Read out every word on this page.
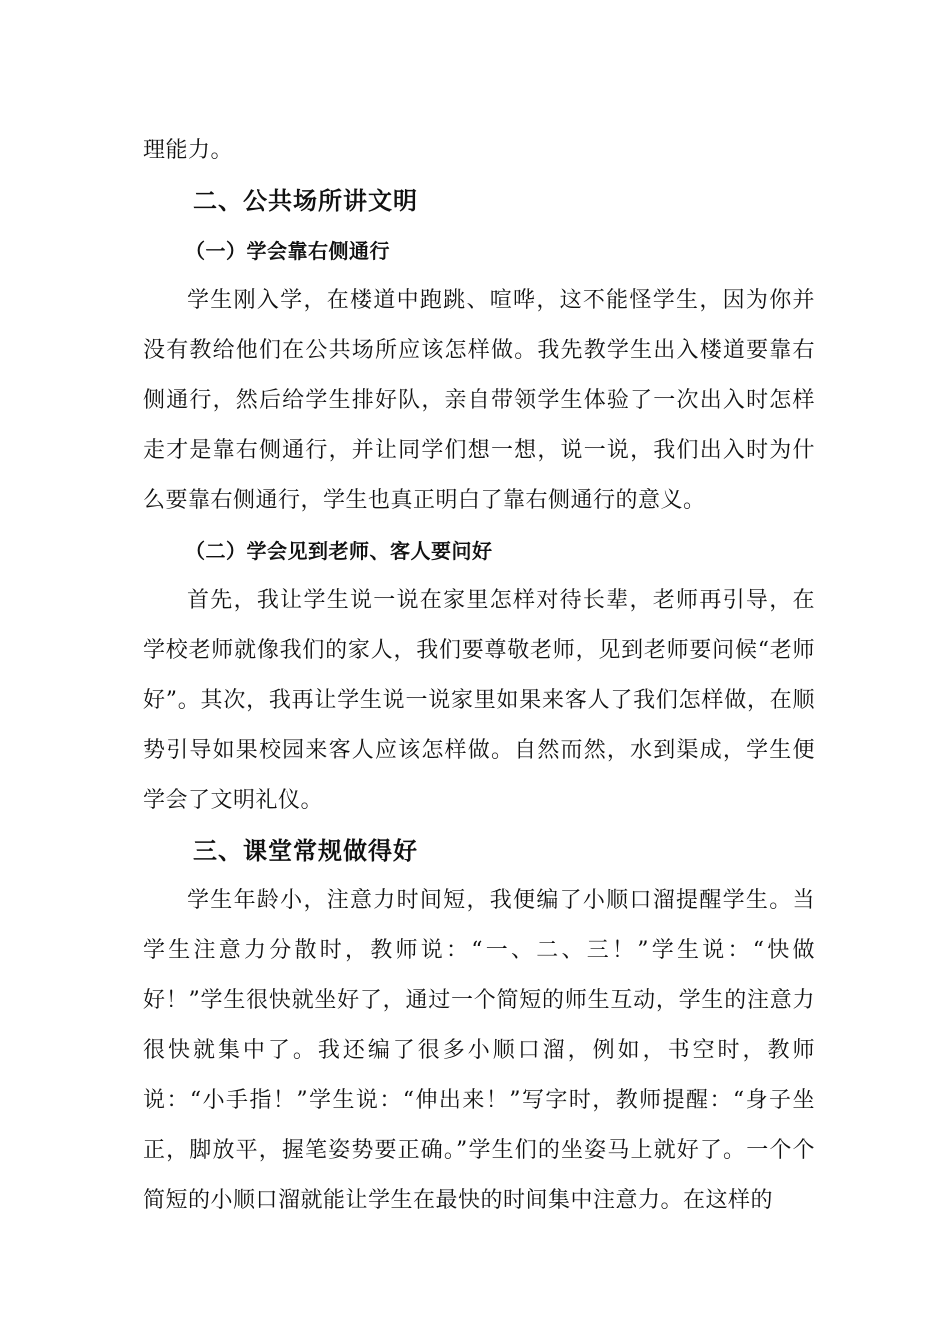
理能力。

二、公共场所讲文明
（一）学会靠右侧通行

学生刚入学，在楼道中跑跳、喧哗，这不能怪学生，因为你并没有教给他们在公共场所应该怎样做。我先教学生出入楼道要靠右侧通行，然后给学生排好队，亲自带领学生体验了一次出入时怎样走才是靠右侧通行，并让同学们想一想，说一说，我们出入时为什么要靠右侧通行，学生也真正明白了靠右侧通行的意义。

（二）学会见到老师、客人要问好

首先，我让学生说一说在家里怎样对待长辈，老师再引导，在学校老师就像我们的家人，我们要尊敬老师，见到老师要问候“老师好”。其次，我再让学生说一说家里如果来客人了我们怎样做，在顺势引导如果校园来客人应该怎样做。自然而然，水到渠成，学生便学会了文明礼仪。

三、课堂常规做得好

学生年龄小，注意力时间短，我便编了小顺口溜提醒学生。当学生注意力分散时，教师说：“一、二、三！”学生说：“快做好！”学生很快就坐好了，通过一个简短的师生互动，学生的注意力很快就集中了。我还编了很多小顺口溜，例如，书空时，教师说：“小手指！”学生说：“伸出来！”写字时，教师提醒：“身子坐正，脚放平，握笔姿势要正确。”学生们的坐姿马上就好了。一个个简短的小顺口溜就能让学生在最快的时间集中注意力。在这样的
